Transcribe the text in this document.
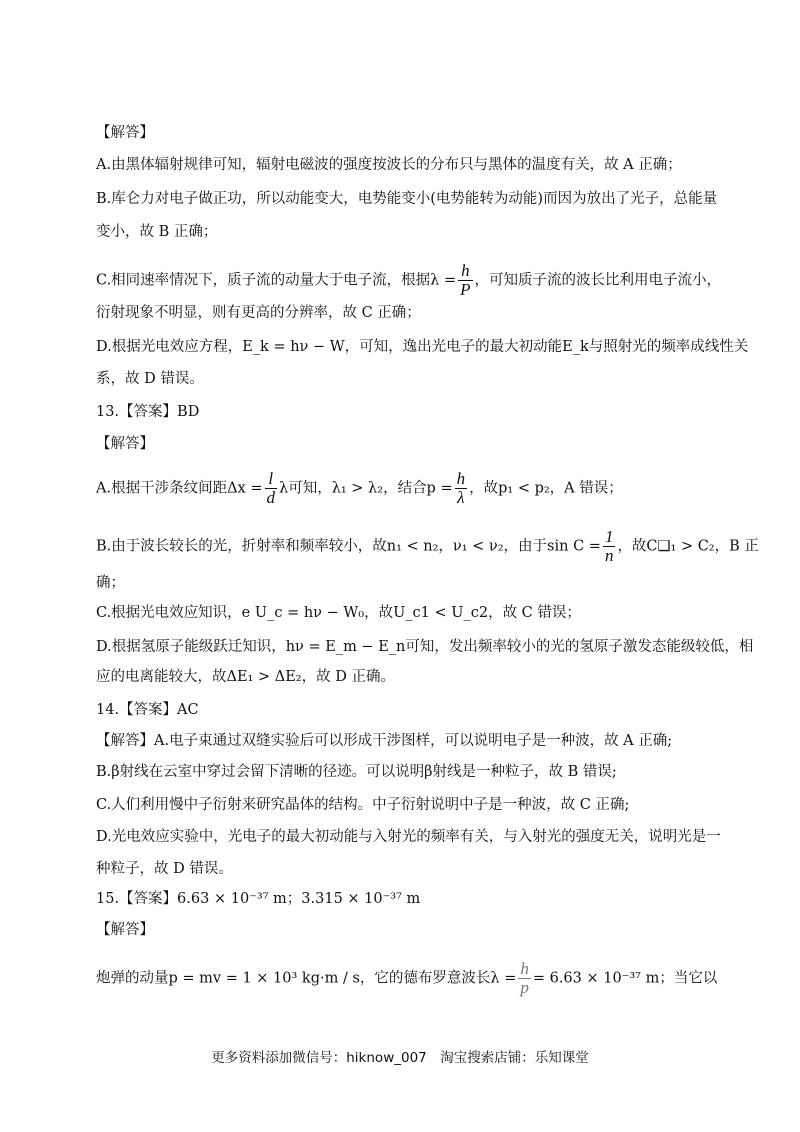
【解答】
A.由黑体辐射规律可知，辐射电磁波的强度按波长的分布只与黑体的温度有关，故 A 正确；
B.库仑力对电子做正功，所以动能变大，电势能变小(电势能转为动能)而因为放出了光子，总能量
变小，故 B 正确；
C.相同速率情况下，质子流的动量大于电子流，根据$\lambda = \frac{h}{P}$ ，可知质子流的波长比利用电子流小，
衍射现象不明显，则有更高的分辨率，故 C 正确；
D.根据光电效应方程，E_k = hν − W，可知，逸出光电子的最大初动能E_k与照射光的频率成线性关
系，故 D 错误。
13.【答案】BD
【解答】
A.根据干涉条纹间距$\Delta x = \frac{l}{d}$ λ可知，λ₁ > λ₂，结合$p = \frac{h}{\lambda}$ ，故p₁ < p₂，A 错误；
B.由于波长较长的光，折射率和频率较小，故n₁ < n₂，ν₁ < ν₂，由于$\sin C = \frac{1}{n}$ ，故C❑₁ > C₂，B 正
确；
C.根据光电效应知识，e U_c = hν − W₀，故U_c1 < U_c2，故 C 错误；
D.根据氢原子能级跃迁知识，hν = E_m − E_n可知，发出频率较小的光的氢原子激发态能级较低，相
应的电离能较大，故ΔE₁ > ΔE₂，故 D 正确。
14.【答案】AC
【解答】A.电子束通过双缝实验后可以形成干涉图样，可以说明电子是一种波，故 A 正确;
B.β射线在云室中穿过会留下清晰的径迹。可以说明β射线是一种粒子，故 B 错误;
C.人们利用慢中子衍射来研究晶体的结构。中子衍射说明中子是一种波，故 C 正确;
D.光电效应实验中，光电子的最大初动能与入射光的频率有关，与入射光的强度无关，说明光是一
种粒子，故 D 错误。
15.【答案】6.63 × 10⁻³⁷ m；3.315 × 10⁻³⁷ m
【解答】
炮弹的动量p = mv = 1 × 10³ kg·m / s，它的德布罗意波长$\lambda = \frac{h}{p} = 6.63 \times 10^{-37}$ m；当它以
更多资料添加微信号：hiknow_007　淘宝搜索店铺：乐知课堂
